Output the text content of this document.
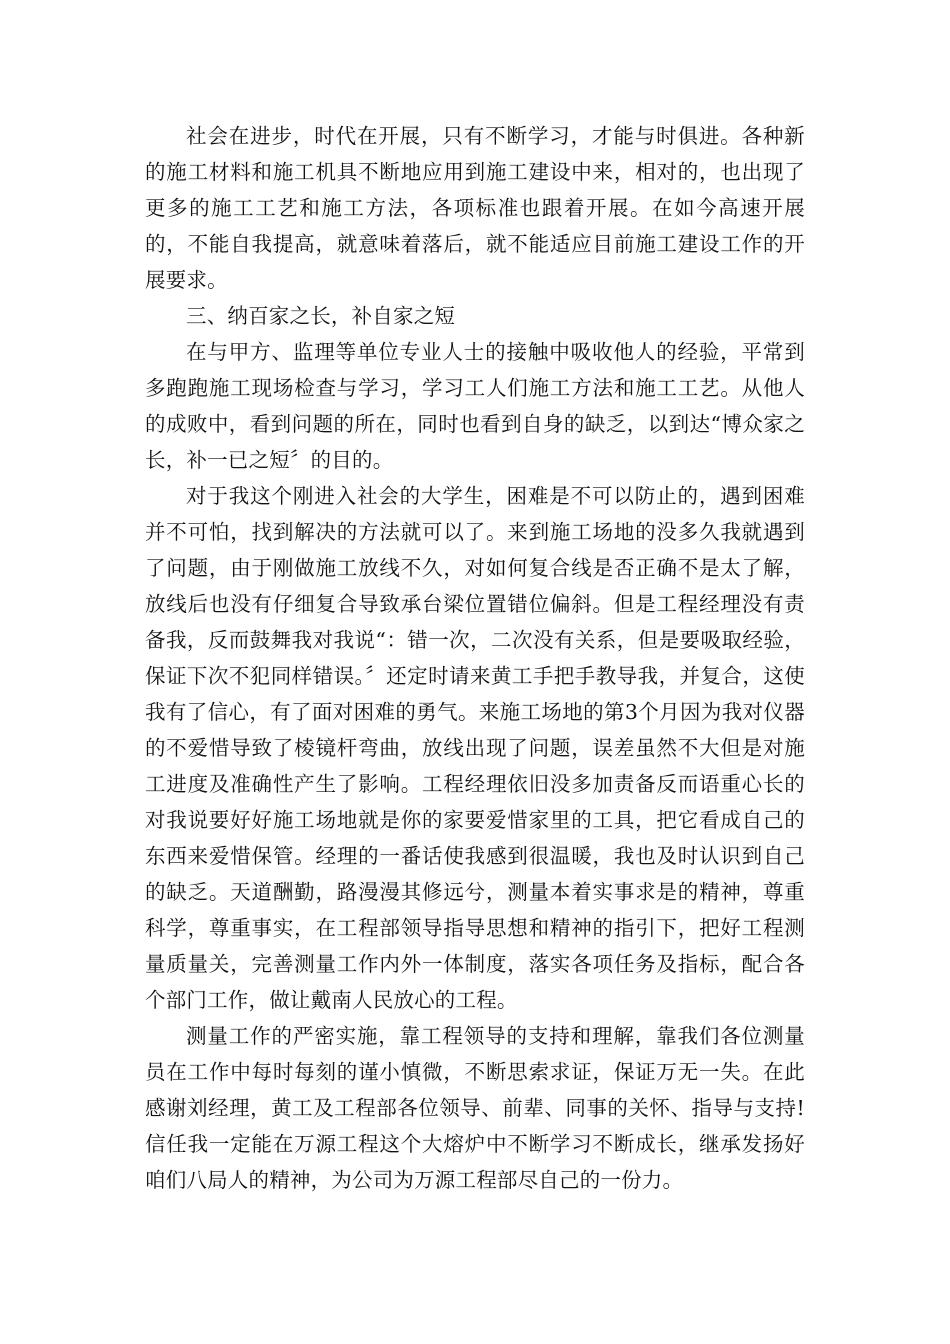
社会在进步，时代在开展，只有不断学习，才能与时俱进。各种新的施工材料和施工机具不断地应用到施工建设中来，相对的，也出现了更多的施工工艺和施工方法，各项标准也跟着开展。在如今高速开展的，不能自我提高，就意味着落后，就不能适应目前施工建设工作的开展要求。

三、纳百家之长，补自家之短

在与甲方、监理等单位专业人士的接触中吸收他人的经验，平常到多跑跑施工现场检查与学习，学习工人们施工方法和施工工艺。从他人的成败中，看到问题的所在，同时也看到自身的缺乏，以到达“博众家之长，补一已之短〞的目的。

对于我这个刚进入社会的大学生，困难是不可以防止的，遇到困难并不可怕，找到解决的方法就可以了。来到施工场地的没多久我就遇到了问题，由于刚做施工放线不久，对如何复合线是否正确不是太了解，放线后也没有仔细复合导致承台梁位置错位偏斜。但是工程经理没有责备我，反而鼓舞我对我说“：错一次，二次没有关系，但是要吸取经验，保证下次不犯同样错误。〞还定时请来黄工手把手教导我，并复合，这使我有了信心，有了面对困难的勇气。来施工场地的第3个月因为我对仪器的不爱惜导致了棱镜杆弯曲，放线出现了问题，误差虽然不大但是对施工进度及准确性产生了影响。工程经理依旧没多加责备反而语重心长的对我说要好好施工场地就是你的家要爱惜家里的工具，把它看成自己的东西来爱惜保管。经理的一番话使我感到很温暖，我也及时认识到自己的缺乏。天道酬勤，路漫漫其修远兮，测量本着实事求是的精神，尊重科学，尊重事实，在工程部领导指导思想和精神的指引下，把好工程测量质量关，完善测量工作内外一体制度，落实各项任务及指标，配合各个部门工作，做让戴南人民放心的工程。

测量工作的严密实施，靠工程领导的支持和理解，靠我们各位测量员在工作中每时每刻的谨小慎微，不断思索求证，保证万无一失。在此感谢刘经理，黄工及工程部各位领导、前辈、同事的关怀、指导与支持!信任我一定能在万源工程这个大熔炉中不断学习不断成长，继承发扬好咱们八局人的精神，为公司为万源工程部尽自己的一份力。
